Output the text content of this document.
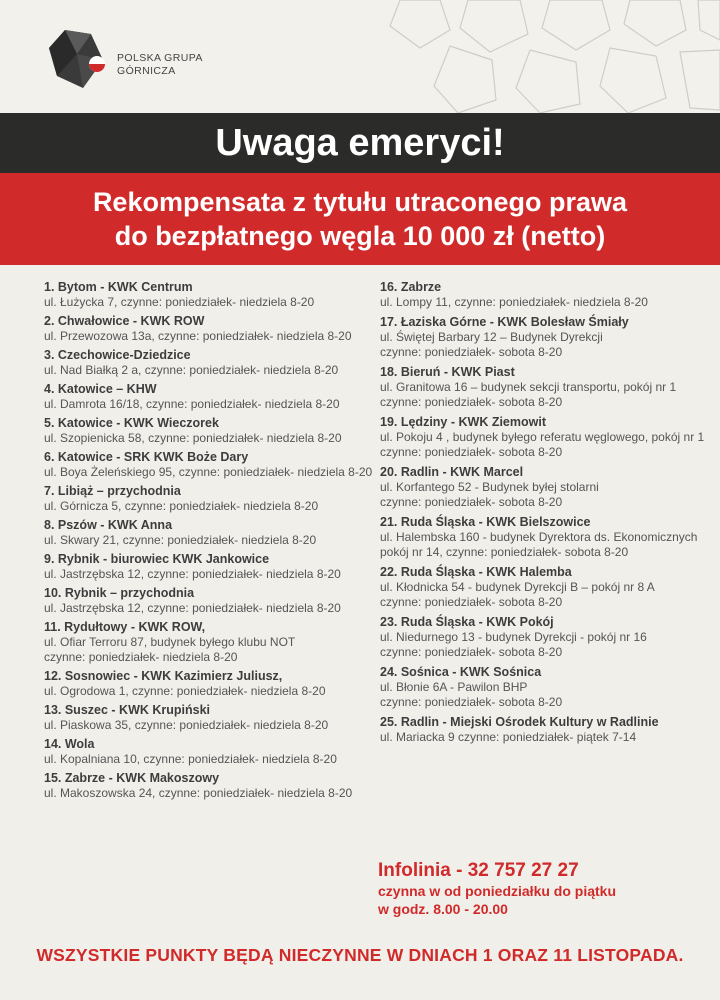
POLSKA GRUPA
GÓRNICZA
Uwaga emeryci!
Rekompensata z tytułu utraconego prawa
do bezpłatnego węgla 10 000 zł (netto)
1. Bytom - KWK Centrum
ul. Łużycka 7, czynne: poniedziałek- niedziela 8-20
2. Chwałowice - KWK ROW
ul. Przewozowa 13a, czynne: poniedziałek- niedziela 8-20
3. Czechowice-Dziedzice
ul. Nad Białką 2 a, czynne: poniedziałek- niedziela 8-20
4. Katowice – KHW
ul. Damrota 16/18, czynne: poniedziałek- niedziela 8-20
5. Katowice - KWK Wieczorek
ul. Szopienicka 58, czynne: poniedziałek- niedziela 8-20
6. Katowice - SRK KWK Boże Dary
ul. Boya Żeleńskiego 95, czynne: poniedziałek- niedziela 8-20
7. Libiąż – przychodnia
ul. Górnicza 5, czynne: poniedziałek- niedziela 8-20
8. Pszów - KWK Anna
ul. Skwary 21, czynne: poniedziałek- niedziela 8-20
9. Rybnik - biurowiec KWK Jankowice
ul. Jastrzębska 12, czynne: poniedziałek- niedziela 8-20
10. Rybnik – przychodnia
ul. Jastrzębska 12, czynne: poniedziałek- niedziela 8-20
11. Rydułtowy - KWK ROW,
ul. Ofiar Terroru 87, budynek byłego klubu NOT
czynne: poniedziałek- niedziela 8-20
12. Sosnowiec - KWK Kazimierz Juliusz,
ul. Ogrodowa 1, czynne: poniedziałek- niedziela 8-20
13. Suszec - KWK Krupiński
ul. Piaskowa 35, czynne: poniedziałek- niedziela 8-20
14. Wola
ul. Kopalniana 10, czynne: poniedziałek- niedziela 8-20
15. Zabrze - KWK Makoszowy
ul. Makoszowska 24, czynne: poniedziałek- niedziela 8-20
16. Zabrze
ul. Lompy 11, czynne: poniedziałek- niedziela 8-20
17. Łaziska Górne - KWK Bolesław Śmiały
ul. Świętej Barbary 12 – Budynek Dyrekcji
czynne: poniedziałek- sobota 8-20
18. Bieruń - KWK Piast
ul. Granitowa 16 – budynek sekcji transportu, pokój nr 1
czynne: poniedziałek- sobota 8-20
19. Lędziny - KWK Ziemowit
ul. Pokoju 4 , budynek byłego referatu węglowego, pokój nr 1
czynne: poniedziałek- sobota 8-20
20. Radlin - KWK Marcel
ul. Korfantego 52 - Budynek byłej stolarni
czynne: poniedziałek- sobota 8-20
21. Ruda Śląska - KWK Bielszowice
ul. Halembska 160 - budynek Dyrektora ds. Ekonomicznych
pokój nr 14, czynne: poniedziałek- sobota 8-20
22. Ruda Śląska - KWK Halemba
ul. Kłodnicka 54 - budynek Dyrekcji B – pokój nr 8 A
czynne: poniedziałek- sobota 8-20
23. Ruda Śląska - KWK Pokój
ul. Niedurnego 13 - budynek Dyrekcji - pokój nr 16
czynne: poniedziałek- sobota 8-20
24. Sośnica - KWK Sośnica
ul. Błonie 6A - Pawilon BHP
czynne: poniedziałek- sobota 8-20
25. Radlin - Miejski Ośrodek Kultury w Radlinie
ul. Mariacka 9 czynne: poniedziałek- piątek 7-14
Infolinia - 32 757 27 27
czynna w od poniedziałku do piątku
w godz. 8.00 - 20.00
WSZYSTKIE PUNKTY BĘDĄ NIECZYNNE W DNIACH 1 ORAZ 11 LISTOPADA.
